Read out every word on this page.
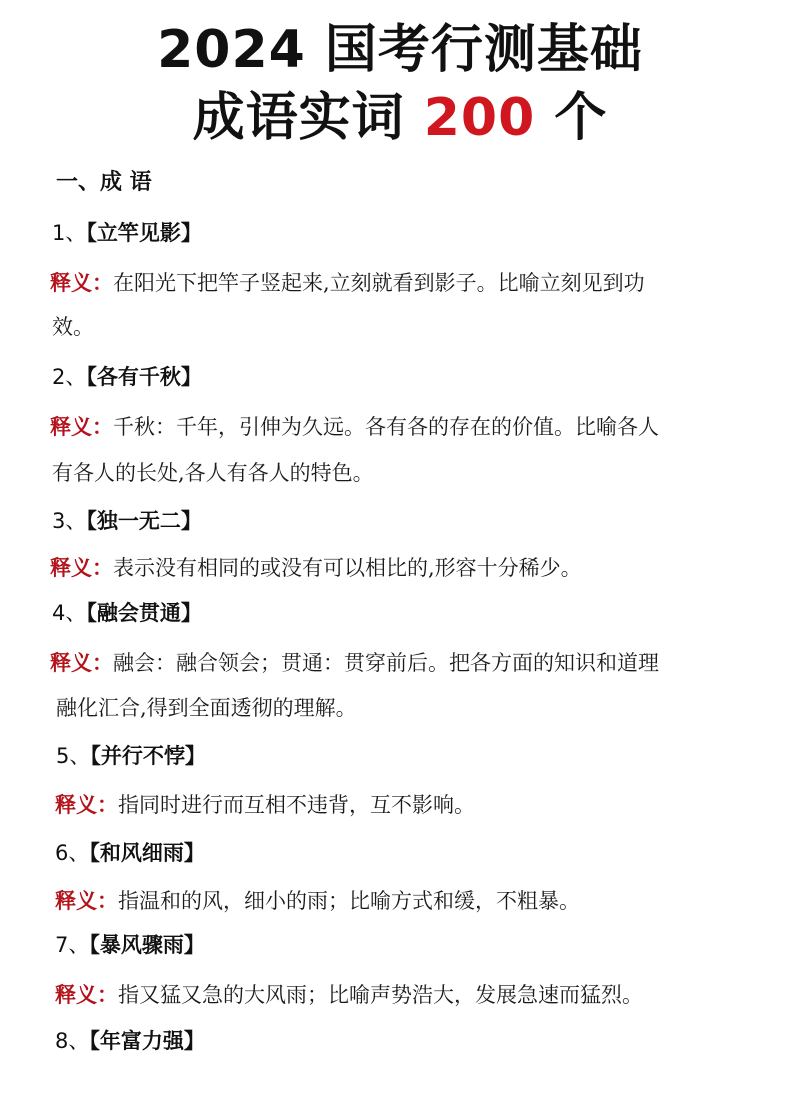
2024 国考行测基础
成语实词 200 个
一、成 语
1、【立竿见影】
释义：在阳光下把竿子竖起来,立刻就看到影子。比喻立刻见到功
效。
2、【各有千秋】
释义：千秋：千年，引伸为久远。各有各的存在的价值。比喻各人
有各人的长处,各人有各人的特色。
3、【独一无二】
释义：表示没有相同的或没有可以相比的,形容十分稀少。
4、【融会贯通】
释义：融会：融合领会；贯通：贯穿前后。把各方面的知识和道理
融化汇合,得到全面透彻的理解。
5、【并行不悖】
释义：指同时进行而互相不违背，互不影响。
6、【和风细雨】
释义：指温和的风，细小的雨；比喻方式和缓，不粗暴。
7、【暴风骤雨】
释义：指又猛又急的大风雨；比喻声势浩大，发展急速而猛烈。
8、【年富力强】
